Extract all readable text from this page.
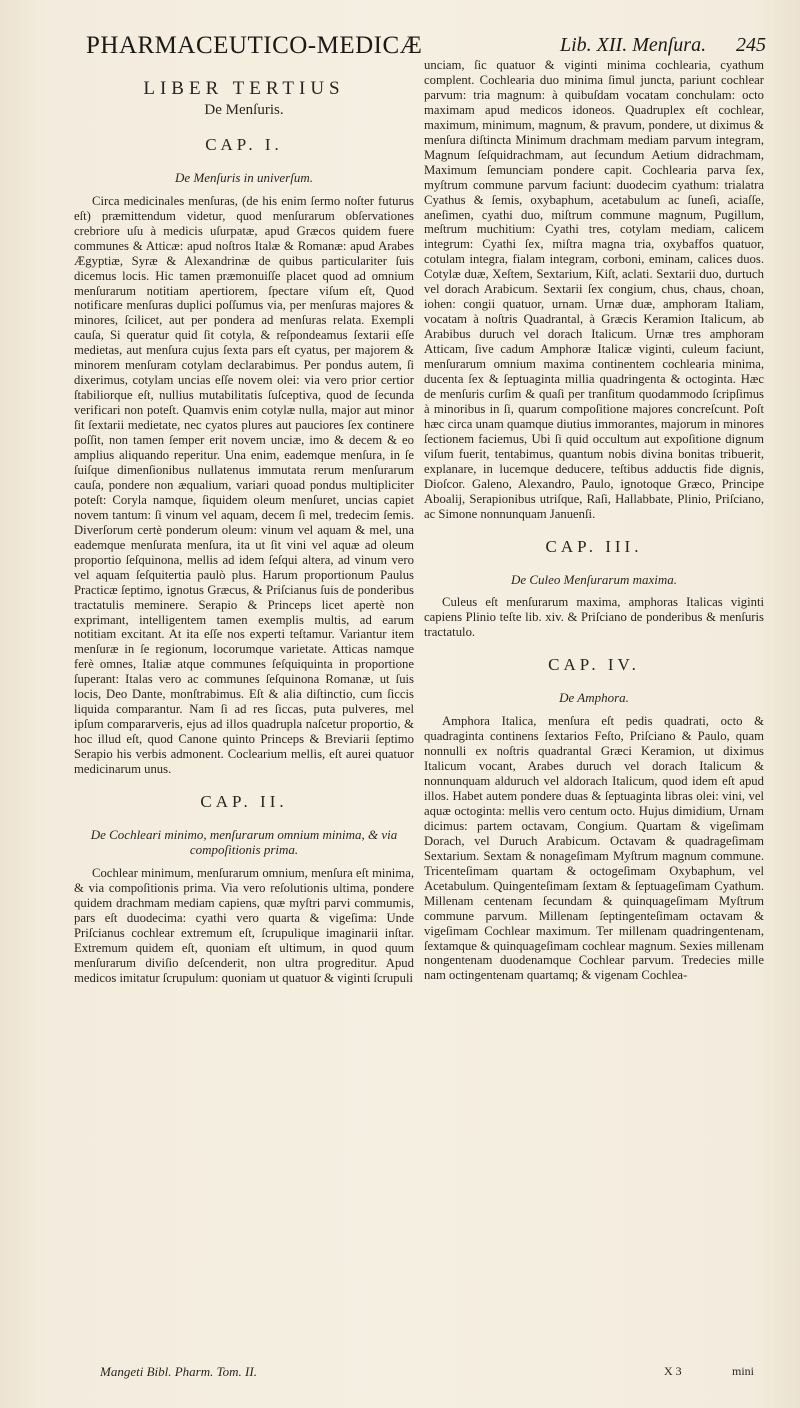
PHARMACEUTICO-MEDICÆ	Lib. XII. Menſura. 245
LIBER TERTIUS
De Menſuris.
CAP. I.
De Menſuris in univerſum.

Circa medicinales menſuras, (de his enim ſermo noſter futurus eſt) præmittendum videtur, quod menſurarum obſervationes crebriore uſu à medicis uſurpatæ, apud Græcos quidem fuere communes & Atticæ: apud noſtros Italæ & Romanæ: apud Arabes Ægyptiæ, Syræ & Alexandrinæ de quibus particulariter ſuis dicemus locis. Hic tamen præmonuiſſe placet quod ad omnium menſurarum notitiam apertiorem, ſpectare viſum eſt, Quod notificare menſuras duplici poſſumus via, per menſuras majores & minores, ſcilicet, aut per pondera ad menſuras relata. Exempli cauſa, Si queratur quid ſit cotyla, & reſpondeamus ſextarii eſſe medietas, aut menſura cujus ſexta pars eſt cyatus, per majorem & minorem menſuram cotylam declarabimus. Per pondus autem, ſi dixerimus, cotylam uncias eſſe novem olei: via vero prior certior ſtabiliorque eſt, nullius mutabilitatis ſuſceptiva, quod de ſecunda verificari non poteſt. Quamvis enim cotylæ nulla, major aut minor ſit ſextarii medietate, nec cyatos plures aut pauciores ſex continere poſſit, non tamen ſemper erit novem unciæ, imo & decem & eo amplius aliquando reperitur. Una enim, eademque menſura, in ſe ſuiſque dimenſionibus nullatenus immutata rerum menſurarum cauſa, pondere non æqualium, variari quoad pondus multipliciter poteſt: Coryla namque, ſiquidem oleum menſuret, uncias capiet novem tantum: ſi vinum vel aquam, decem ſi mel, tredecim ſemis. Diverſorum certè ponderum oleum: vinum vel aquam & mel, una eademque menſurata menſura, ita ut ſit vini vel aquæ ad oleum proportio ſeſquinona, mellis ad idem ſeſqui altera, ad vinum vero vel aquam ſeſquitertia paulò plus. Harum proportionum Paulus Practicæ ſeptimo, ignotus Græcus, & Priſcianus ſuis de ponderibus tractatulis meminere. Serapio & Princeps licet apertè non exprimant, intelligentem tamen exemplis multis, ad earum notitiam excitant. At ita eſſe nos experti teſtamur. Variantur item menſuræ in ſe regionum, locorumque varietate. Atticas namque ferè omnes, Italiæ atque communes ſeſquiquinta in proportione ſuperant: Italas vero ac communes ſeſquinona Romanæ, ut ſuis locis, Deo Dante, monſtrabimus. Eſt & alia diſtinctio, cum ſiccis liquida comparantur. Nam ſi ad res ſiccas, puta pulveres, mel ipſum compararveris, ejus ad illos quadrupla naſcetur proportio, & hoc illud eſt, quod Canone quinto Princeps & Breviarii ſeptimo Serapio his verbis admonent. Coclearium mellis, eſt aurei quatuor medicinarum unus.

CAP. II.
De Cochleari minimo, menſurarum omnium minima, & via compoſitionis prima.

Cochlear minimum, menſurarum omnium, menſura eſt minima, & via compoſitionis prima. Via vero reſolutionis ultima, pondere quidem drachmam mediam capiens, quæ myſtri parvi commumis, pars eſt duodecima: cyathi vero quarta & vigeſima: Unde Priſcianus cochlear extremum eſt, ſcrupulique imaginarii inſtar. Extremum quidem eſt, quoniam eſt ultimum, in quod quum menſurarum diviſio deſcenderit, non ultra progreditur. Apud medicos imitatur ſcrupulum: quoniam ut quatuor & viginti ſcrupuli

unciam, ſic quatuor & viginti minima cochlearia, cyathum complent. Cochlearia duo minima ſimul juncta, pariunt cochlear parvum: tria magnum: à quibuſdam vocatam conchulam: octo maximam apud medicos idoneos. Quadruplex eſt cochlear, maximum, minimum, magnum, & pravum, pondere, ut diximus & menſura diſtincta Minimum drachmam mediam parvum integram, Magnum ſeſquidrachmam, aut ſecundum Aetium didrachmam, Maximum ſemunciam pondere capit. Cochlearia parva ſex, myſtrum commune parvum faciunt: duodecim cyathum: trialatra Cyathus & ſemis, oxybaphum, acetabulum ac ſuneſi, aciaſſe, aneſimen, cyathi duo, miſtrum commune magnum, Pugillum, meſtrum muchitium: Cyathi tres, cotylam mediam, calicem integrum: Cyathi ſex, miſtra magna tria, oxybaffos quatuor, cotulam integra, fialam integram, corboni, eminam, calices duos. Cotylæ duæ, Xeſtem, Sextarium, Kiſt, aclati. Sextarii duo, durtuch vel dorach Arabicum. Sextarii ſex congium, chus, chaus, choan, iohen: congii quatuor, urnam. Urnæ duæ, amphoram Italiam, vocatam à noſtris Quadrantal, à Græcis Keramion Italicum, ab Arabibus duruch vel dorach Italicum. Urnæ tres amphoram Atticam, ſive cadum Amphoræ Italicæ viginti, culeum faciunt, menſurarum omnium maxima continentem cochlearia minima, ducenta ſex & ſeptuaginta millia quadringenta & octoginta. Hæc de menſuris curſim & quaſi per tranſitum quodammodo ſcripſimus à minoribus in ſi, quarum compoſitione majores concreſcunt. Poſt hæc circa unam quamque diutius immorantes, majorum in minores ſectionem faciemus, Ubi ſi quid occultum aut expoſitione dignum viſum fuerit, tentabimus, quantum nobis divina bonitas tribuerit, explanare, in lucemque deducere, teſtibus adductis fide dignis, Dioſcor. Galeno, Alexandro, Paulo, ignotoque Græco, Principe Aboalij, Serapionibus utriſque, Raſi, Hallabbate, Plinio, Priſciano, ac Simone nonnunquam Januenſi.

CAP. III.
De Culeo Menſurarum maxima.

Culeus eſt menſurarum maxima, amphoras Italicas viginti capiens Plinio teſte lib. xiv. & Priſciano de ponderibus & menſuris tractatulo.

CAP. IV.
De Amphora.

Amphora Italica, menſura eſt pedis quadrati, octo & quadraginta continens ſextarios Feſto, Priſciano & Paulo, quam nonnulli ex noſtris quadrantal Græci Keramion, ut diximus Italicum vocant, Arabes duruch vel dorach Italicum & nonnunquam alduruch vel aldorach Italicum, quod idem eſt apud illos. Habet autem pondere duas & ſeptuaginta libras olei: vini, vel aquæ octoginta: mellis vero centum octo. Hujus dimidium, Urnam dicimus: partem octavam, Congium. Quartam & vigeſimam Dorach, vel Duruch Arabicum. Octavam & quadrageſimam Sextarium. Sextam & nonageſimam Myſtrum magnum commune. Tricenteſimam quartam & octogeſimam Oxybaphum, vel Acetabulum. Quingenteſimam ſextam & ſeptuageſimam Cyathum. Millenam centenam ſecundam & quinquageſimam Myſtrum commune parvum. Millenam ſeptingenteſimam octavam & vigeſimam Cochlear maximum. Ter millenam quadringentenam, ſextamque & quinquageſimam cochlear magnum. Sexies millenam nongentenam duodenamque Cochlear parvum. Tredecies mille nam octingentenam quartamq; & vigenam Cochlea-

Mangeti Bibl. Pharm. Tom. II.	X 3	mini
